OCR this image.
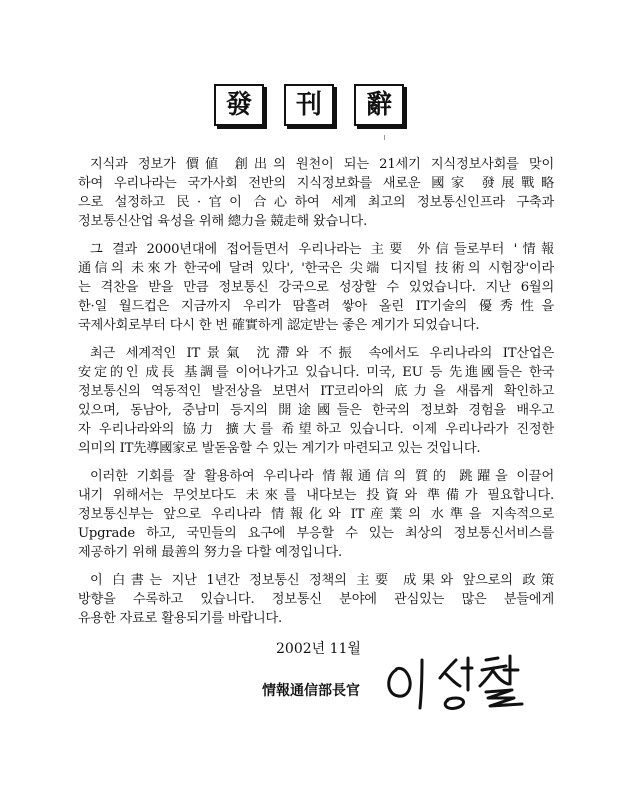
發	刊	辭
지식과 정보가 價値 創出의 원천이 되는 21세기 지식정보사회를 맞이
하여 우리나라는 국가사회 전반의 지식정보화를 새로운 國家 發展戰略
으로 설정하고 民·官이 合心하여 세계 최고의 정보통신인프라 구축과
정보통신산업 육성을 위해 總力을 競走해 왔습니다.
그 결과 2000년대에 접어들면서 우리나라는 主要 外信들로부터 '情報
通信의 未來가 한국에 달려 있다', '한국은 尖端 디지털 技術의 시험장'이라
는 격찬을 받을 만큼 정보통신 강국으로 성장할 수 있었습니다. 지난 6월의
한·일 월드컵은 지금까지 우리가 땀흘려 쌓아 올린 IT기술의 優秀性을
국제사회로부터 다시 한 번 確實하게 認定받는 좋은 계기가 되었습니다.
최근 세계적인 IT景氣 沈滯와 不振 속에서도 우리나라의 IT산업은
安定的인 成長 基調를 이어나가고 있습니다. 미국, EU 등 先進國들은 한국
정보통신의 역동적인 발전상을 보면서 IT코리아의 底力을 새롭게 확인하고
있으며, 동남아, 중남미 등지의 開途國들은 한국의 정보화 경험을 배우고
자 우리나라와의 協力 擴大를 希望하고 있습니다. 이제 우리나라가 진정한
의미의 IT先導國家로 발돋움할 수 있는 계기가 마련되고 있는 것입니다.
이러한 기회를 잘 활용하여 우리나라 情報通信의 質的 跳躍을 이끌어
내기 위해서는 무엇보다도 未來를 내다보는 投資와 準備가 필요합니다.
정보통신부는 앞으로 우리나라 情報化와 IT産業의 水準을 지속적으로
Upgrade 하고, 국민들의 요구에 부응할 수 있는 최상의 정보통신서비스를
제공하기 위해 最善의 努力을 다할 예정입니다.
이 白書는 지난 1년간 정보통신 정책의 主要 成果와 앞으로의 政策
방향을 수록하고 있습니다. 정보통신 분야에 관심있는 많은 분들에게
유용한 자료로 활용되기를 바랍니다.
2002년 11월
情報通信部長官
